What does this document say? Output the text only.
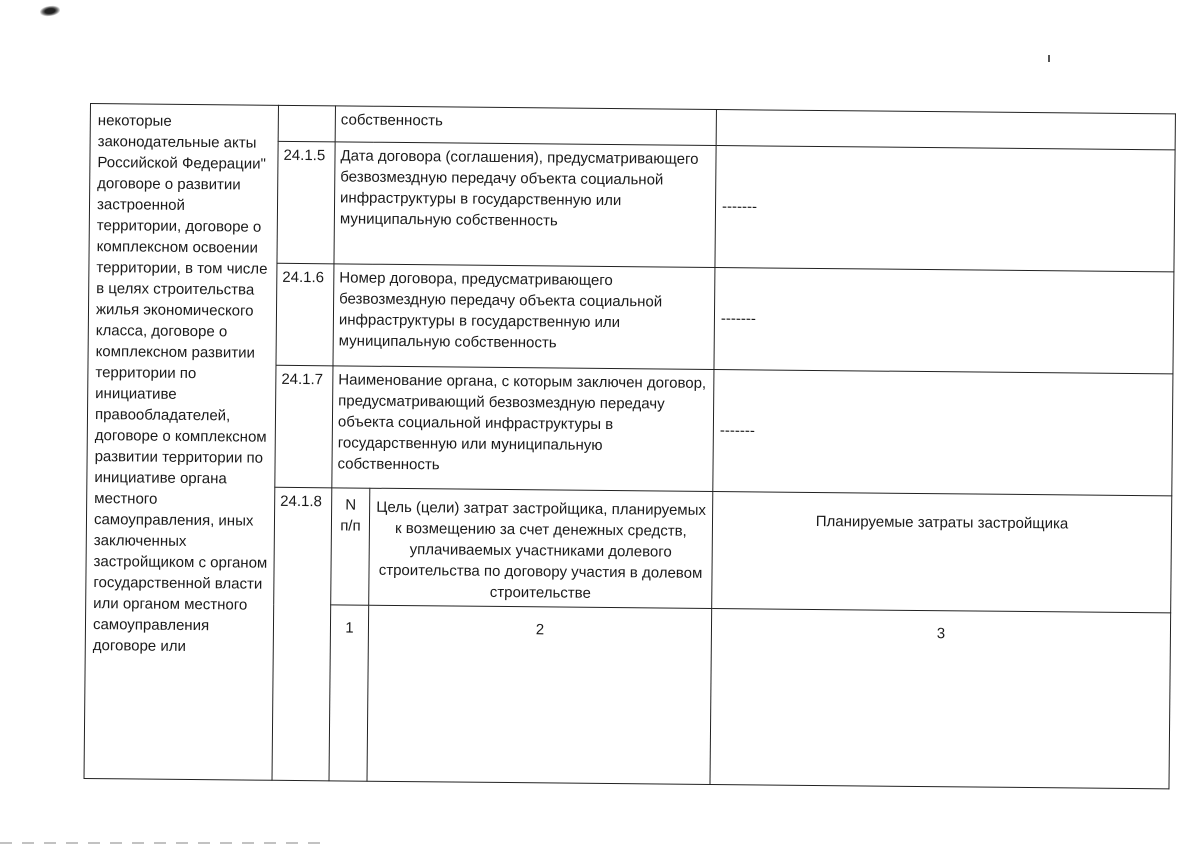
некоторые законодательные акты Российской Федерации" договоре о развитии застроенной территории, договоре о комплексном освоении территории, в том числе в целях строительства жилья экономического класса, договоре о комплексном развитии территории по инициативе правообладателей, договоре о комплексном развитии территории по инициативе органа местного самоуправления, иных заключенных застройщиком с органом государственной власти или органом местного самоуправления договоре или		собственность		
	24.1.5	Дата договора (соглашения), предусматривающего безвозмездную передачу объекта социальной инфраструктуры в государственную или муниципальную собственность		-------
	24.1.6	Номер договора, предусматривающего безвозмездную передачу объекта социальной инфраструктуры в государственную или муниципальную собственность		-------
	24.1.7	Наименование органа, с которым заключен договор, предусматривающий безвозмездную передачу объекта социальной инфраструктуры в государственную или муниципальную собственность		-------
	24.1.8	N п/п	Цель (цели) затрат застройщика, планируемых к возмещению за счет денежных средств, уплачиваемых участниками долевого строительства по договору участия в долевом строительстве	Планируемые затраты застройщика
		1	2	3
